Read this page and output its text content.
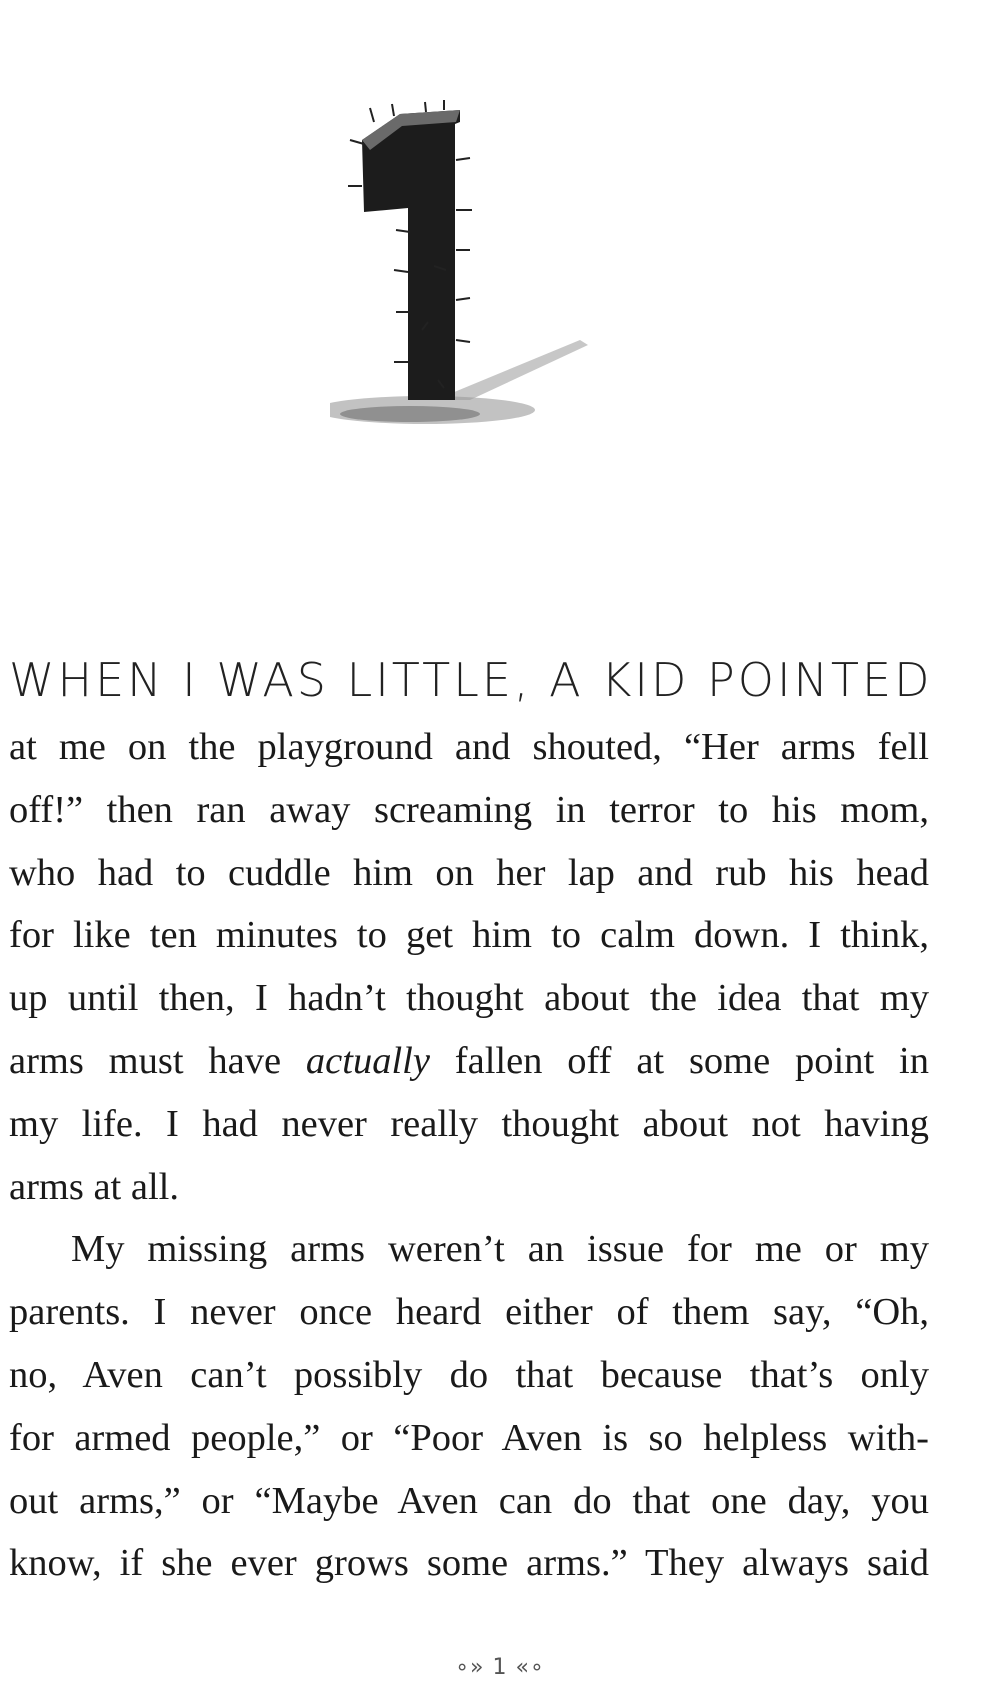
WHEN I WAS LITTLE, A KID POINTED
at me on the playground and shouted, “Her arms fell
off!” then ran away screaming in terror to his mom,
who had to cuddle him on her lap and rub his head
for like ten minutes to get him to calm down. I think,
up until then, I hadn’t thought about the idea that my
arms must have actually fallen off at some point in
my life. I had never really thought about not having
arms at all.
My missing arms weren’t an issue for me or my
parents. I never once heard either of them say, “Oh,
no, Aven can’t possibly do that because that’s only
for armed people,” or “Poor Aven is so helpless with-
out arms,” or “Maybe Aven can do that one day, you
know, if she ever grows some arms.” They always said
∘» 1 «∘
